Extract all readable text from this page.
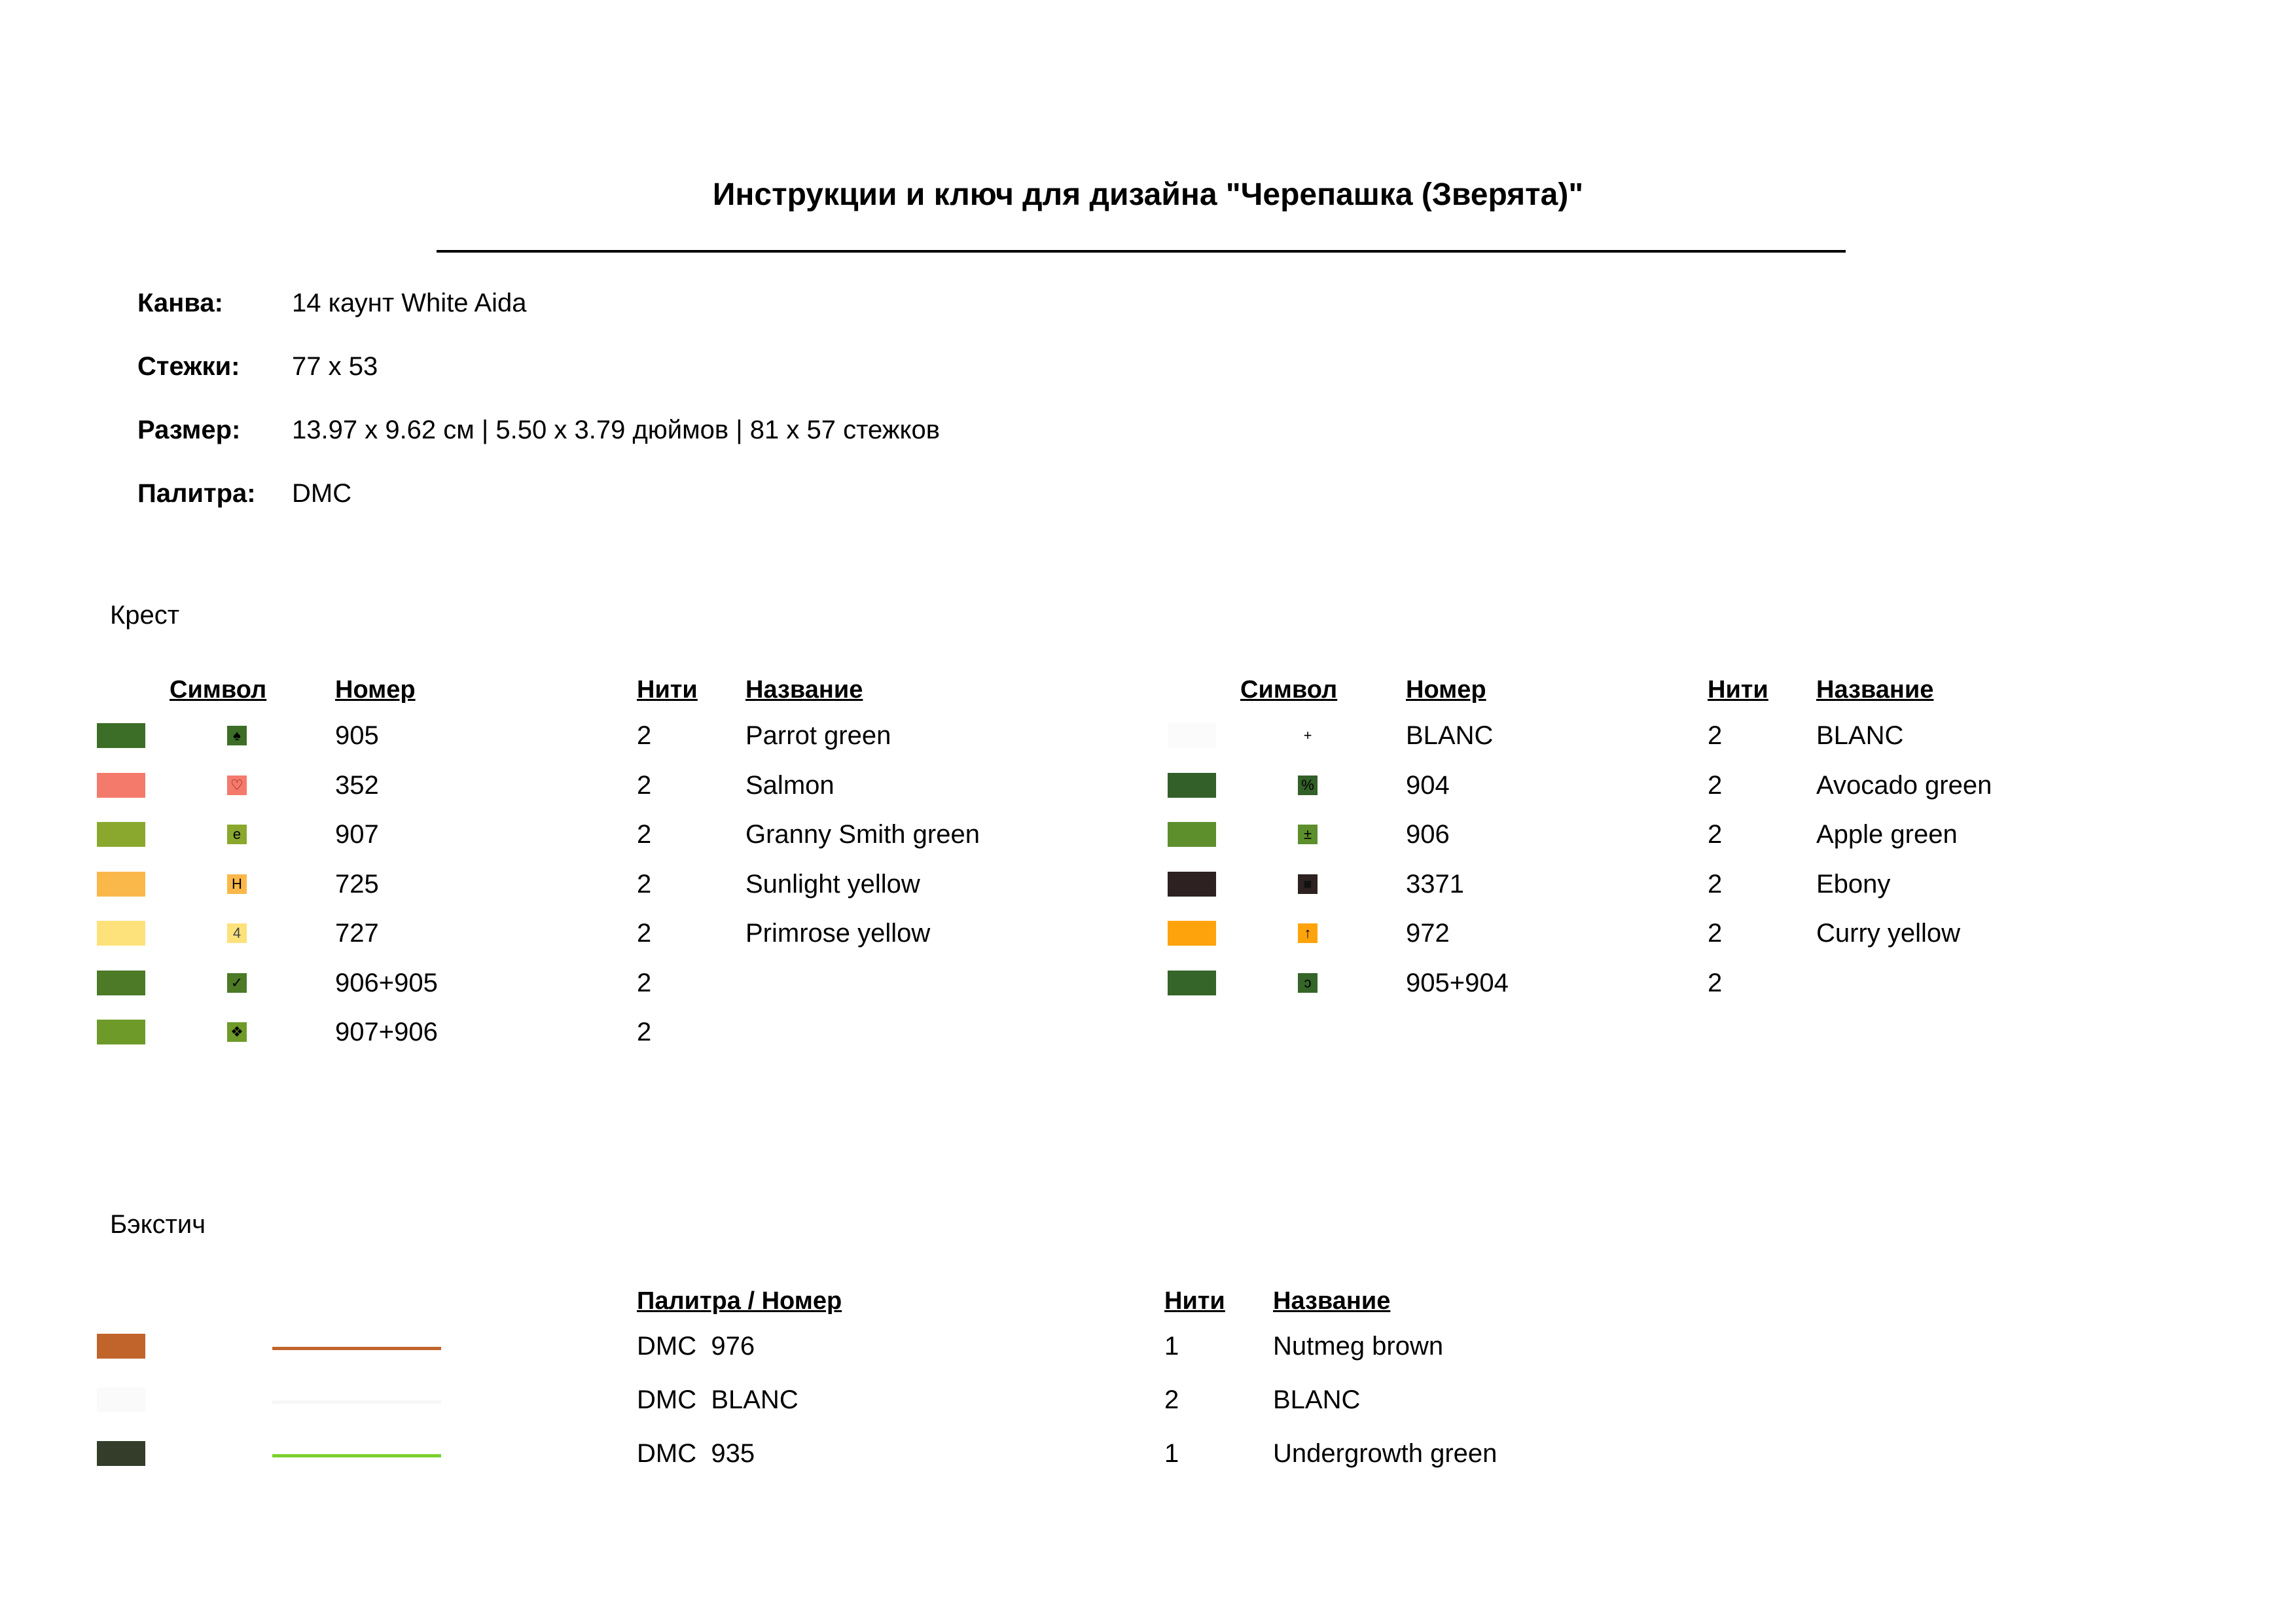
Инструкции и ключ для дизайна "Черепашка (Зверята)"
Канва:	14 каунт White Aida
Стежки: 77 x 53
Размер: 13.97 x 9.62 см | 5.50 x 3.79 дюймов | 81 x 57 стежков
Палитра: DMC
Крест
Символ	Номер	Нити Название	Символ	Номер	Нити Название
♠	905	2	Parrot green
♡	352	2	Salmon
e	907	2	Granny Smith green
H	725	2	Sunlight yellow
4	727	2	Primrose yellow
✓	906+905	2
❖	907+906	2
+	BLANC	2	BLANC
%	904	2	Avocado green
±	906	2	Apple green
■	3371	2	Ebony
↑	972	2	Curry yellow
ↄ	905+904	2
Бэкстич
Палитра / Номер	Нити Название
DMC  976	1	Nutmeg brown
DMC  BLANC	2	BLANC
DMC  935	1	Undergrowth green
